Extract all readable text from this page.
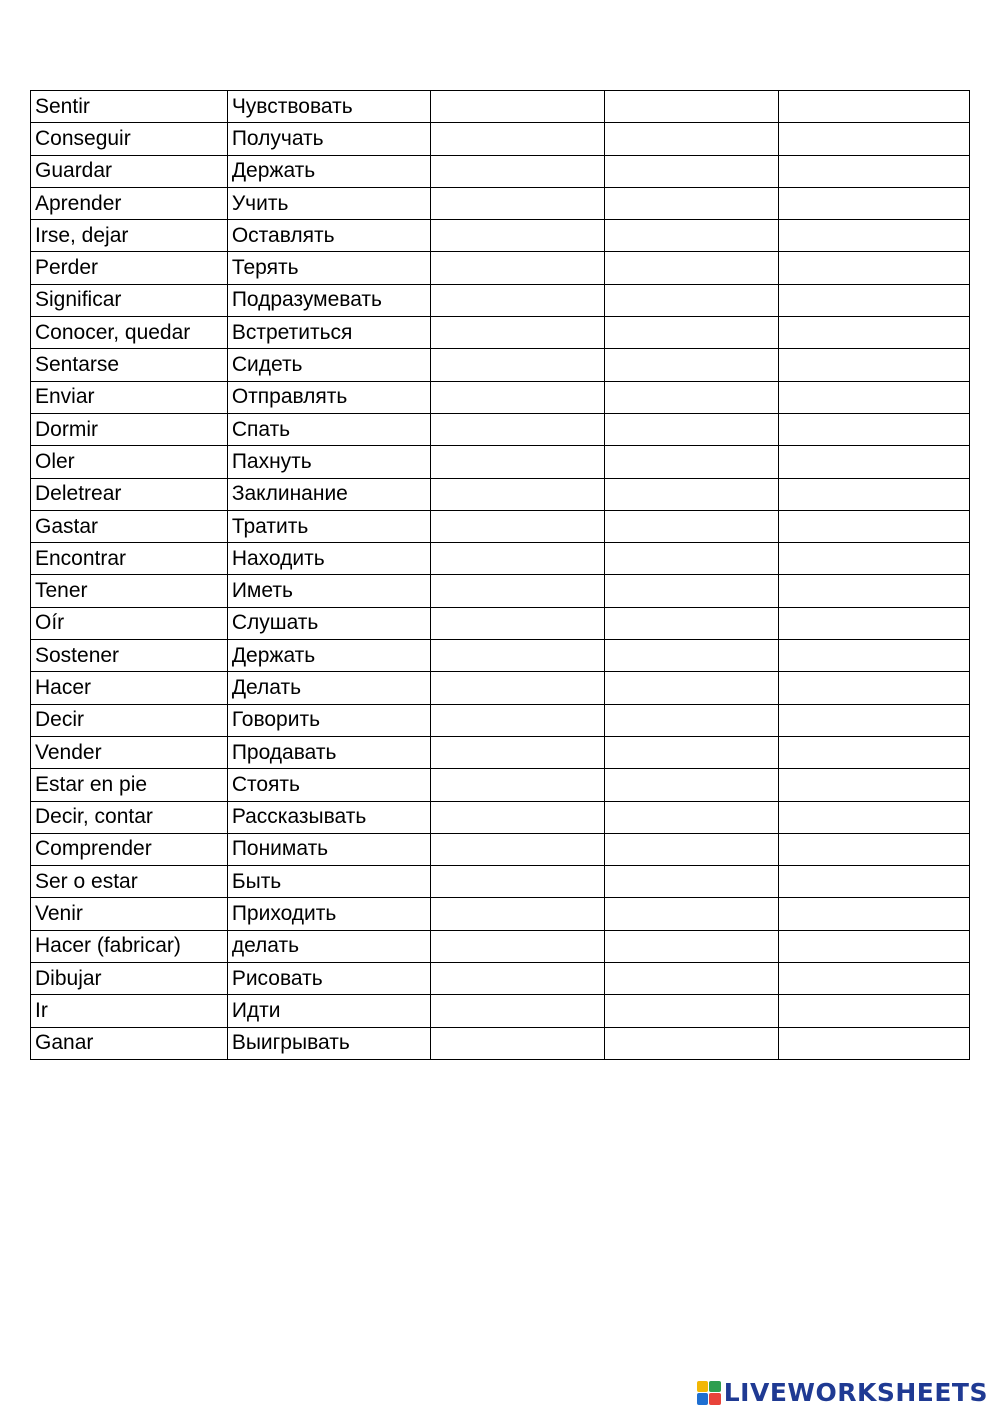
Sentir	Чувствовать			
Conseguir	Получать			
Guardar	Держать			
Aprender	Учить			
Irse, dejar	Оставлять			
Perder	Терять			
Significar	Подразумевать			
Conocer, quedar	Встретиться			
Sentarse	Сидеть			
Enviar	Отправлять			
Dormir	Спать			
Oler	Пахнуть			
Deletrear	Заклинание			
Gastar	Тратить			
Encontrar	Находить			
Tener	Иметь			
Oír	Слушать			
Sostener	Держать			
Hacer	Делать			
Decir	Говорить			
Vender	Продавать			
Estar en pie	Стоять			
Decir, contar	Рассказывать			
Comprender	Понимать			
Ser o estar	Быть			
Venir	Приходить			
Hacer (fabricar)	делать			
Dibujar	Рисовать			
Ir	Идти			
Ganar	Выигрывать			
LIVEWORKSHEETS
